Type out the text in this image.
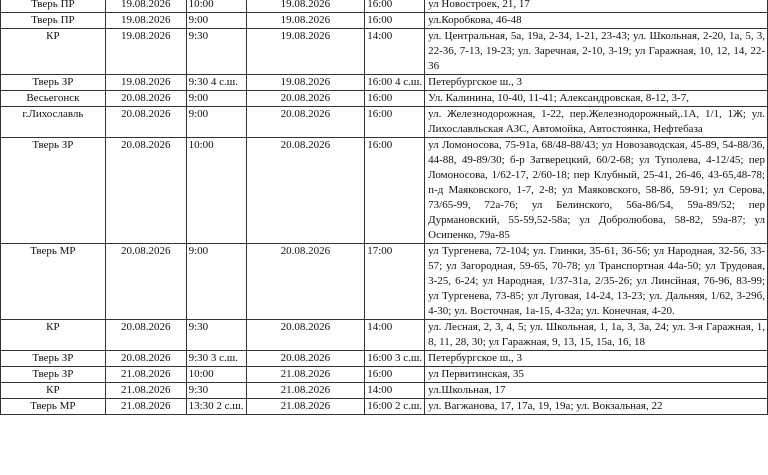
Тверь ПР	19.08.2026	10:00	19.08.2026	16:00	ул Новостроек, 21, 17
Тверь ПР	19.08.2026	9:00	19.08.2026	16:00	ул.Коробкова, 46-48
КР	19.08.2026	9:30	19.08.2026	14:00	ул. Центральная, 5а, 19а, 2-34, 1-21, 23-43; ул. Школьная, 2-20, 1а, 5, 3, 22-36, 7-13, 19-23; ул. Заречная, 2-10, 3-19; ул Гаражная, 10, 12, 14, 22-36
Тверь ЗР	19.08.2026	9:30 4 с.ш.	19.08.2026	16:00 4 с.ш.	Петербургское ш., 3
Весьегонск	20.08.2026	9:00	20.08.2026	16:00	Ул. Калинина, 10-40, 11-41; Александровская, 8-12, 3-7,
г.Лихославль	20.08.2026	9:00	20.08.2026	16:00	ул. Железнодорожная, 1-22, пер.Железнодорожный,.1А, 1/1, 1Ж; ул. Лихославльская АЗС, Автомойка, Автостоянка, Нефтебаза
Тверь ЗР	20.08.2026	10:00	20.08.2026	16:00	ул Ломоносова, 75-91а, 68/48-88/43; ул Новозаводская, 45-89, 54-88/36, 44-88, 49-89/30; б-р Затверецкий, 60/2-68; ул Туполева, 4-12/45; пер Ломоносова, 1/62-17, 2/60-18; пер Клубный, 25-41, 26-46, 43-65,48-78; п-д Маяковского, 1-7, 2-8; ул Маяковского, 58-86, 59-91; ул Серова, 73/65-99, 72а-76; ул Белинского, 56а-86/54, 59а-89/52; пер Дурмановский, 55-59,52-58а; ул Добролюбова, 58-82, 59а-87; ул Осипенко, 79а-85
Тверь МР	20.08.2026	9:00	20.08.2026	17:00	ул Тургенева, 72-104; ул. Глинки, 35-61, 36-56; ул Народная, 32-56, 33-57; ул Загородная, 59-65, 70-78; ул Транспортная 44а-50; ул Трудовая, 3-25, 6-24; ул Народная, 1/37-31а, 2/35-26; ул Линсйная, 76-96, 83-99; ул Тургенева, 73-85; ул Луговая, 14-24, 13-23; ул. Дальняя, 1/62, 3-29б, 4-30; ул. Восточная, 1а-15, 4-32а; ул. Конечная, 4-20.
КР	20.08.2026	9:30	20.08.2026	14:00	ул. Лесная, 2, 3, 4, 5; ул. Школьная, 1, 1а, 3, 3а, 24; ул. 3-я Гаражная, 1, 8, 11, 28, 30; ул Гаражная, 9, 13, 15, 15а, 16, 18
Тверь ЗР	20.08.2026	9:30 3 с.ш.	20.08.2026	16:00 3 с.ш.	Петербургское ш., 3
Тверь ЗР	21.08.2026	10:00	21.08.2026	16:00	ул Первитинская, 35
КР	21.08.2026	9:30	21.08.2026	14:00	ул.Школьная, 17
Тверь МР	21.08.2026	13:30 2 с.ш.	21.08.2026	16:00 2 с.ш.	ул. Вагжанова, 17, 17а, 19, 19а; ул. Вокзальная, 22
